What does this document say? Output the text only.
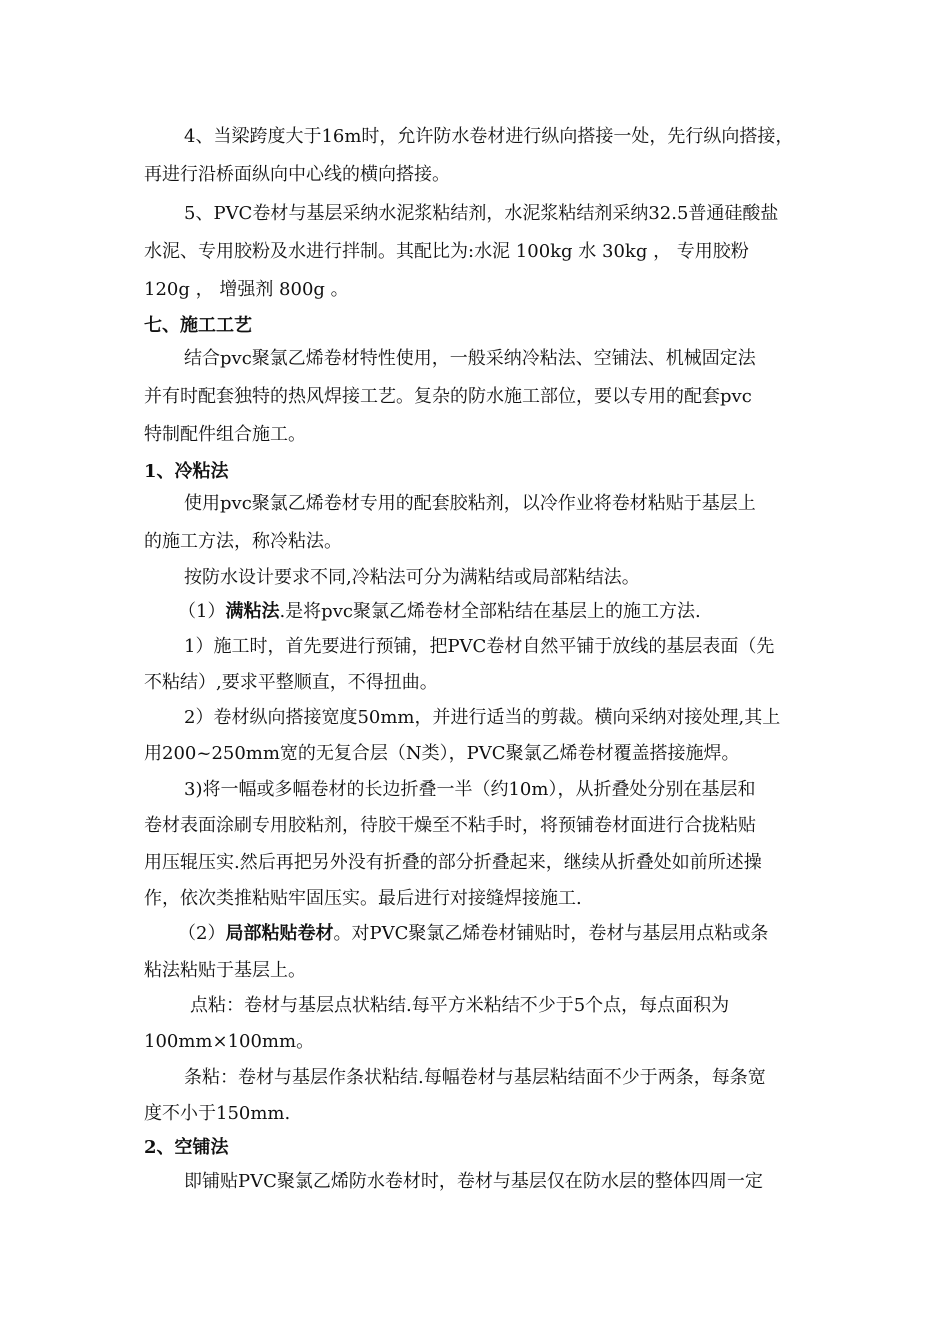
4、当梁跨度大于16m时，允许防水卷材进行纵向搭接一处，先行纵向搭接，
再进行沿桥面纵向中心线的横向搭接。
5、PVC卷材与基层采纳水泥浆粘结剂，水泥浆粘结剂采纳32.5普通硅酸盐
水泥、专用胶粉及水进行拌制。其配比为:水泥 100kg 水 30kg ， 专用胶粉
120g ， 增强剂 800g 。
七、施工工艺
结合pvc聚氯乙烯卷材特性使用，一般采纳冷粘法、空铺法、机械固定法
并有时配套独特的热风焊接工艺。复杂的防水施工部位，要以专用的配套pvc
特制配件组合施工。
1、冷粘法
使用pvc聚氯乙烯卷材专用的配套胶粘剂，以冷作业将卷材粘贴于基层上
的施工方法，称冷粘法。
按防水设计要求不同,冷粘法可分为满粘结或局部粘结法。
（1）满粘法.是将pvc聚氯乙烯卷材全部粘结在基层上的施工方法.
1）施工时，首先要进行预铺，把PVC卷材自然平铺于放线的基层表面（先
不粘结）,要求平整顺直，不得扭曲。
2）卷材纵向搭接宽度50mm，并进行适当的剪裁。横向采纳对接处理,其上
用200~250mm宽的无复合层（N类），PVC聚氯乙烯卷材覆盖搭接施焊。
3)将一幅或多幅卷材的长边折叠一半（约10m），从折叠处分别在基层和
卷材表面涂刷专用胶粘剂，待胶干燥至不粘手时，将预铺卷材面进行合拢粘贴
用压辊压实.然后再把另外没有折叠的部分折叠起来，继续从折叠处如前所述操
作，依次类推粘贴牢固压实。最后进行对接缝焊接施工.
（2）局部粘贴卷材。对PVC聚氯乙烯卷材铺贴时，卷材与基层用点粘或条
粘法粘贴于基层上。
点粘：卷材与基层点状粘结.每平方米粘结不少于5个点，每点面积为
100mm×100mm。
条粘：卷材与基层作条状粘结.每幅卷材与基层粘结面不少于两条，每条宽
度不小于150mm.
2、空铺法
即铺贴PVC聚氯乙烯防水卷材时，卷材与基层仅在防水层的整体四周一定
